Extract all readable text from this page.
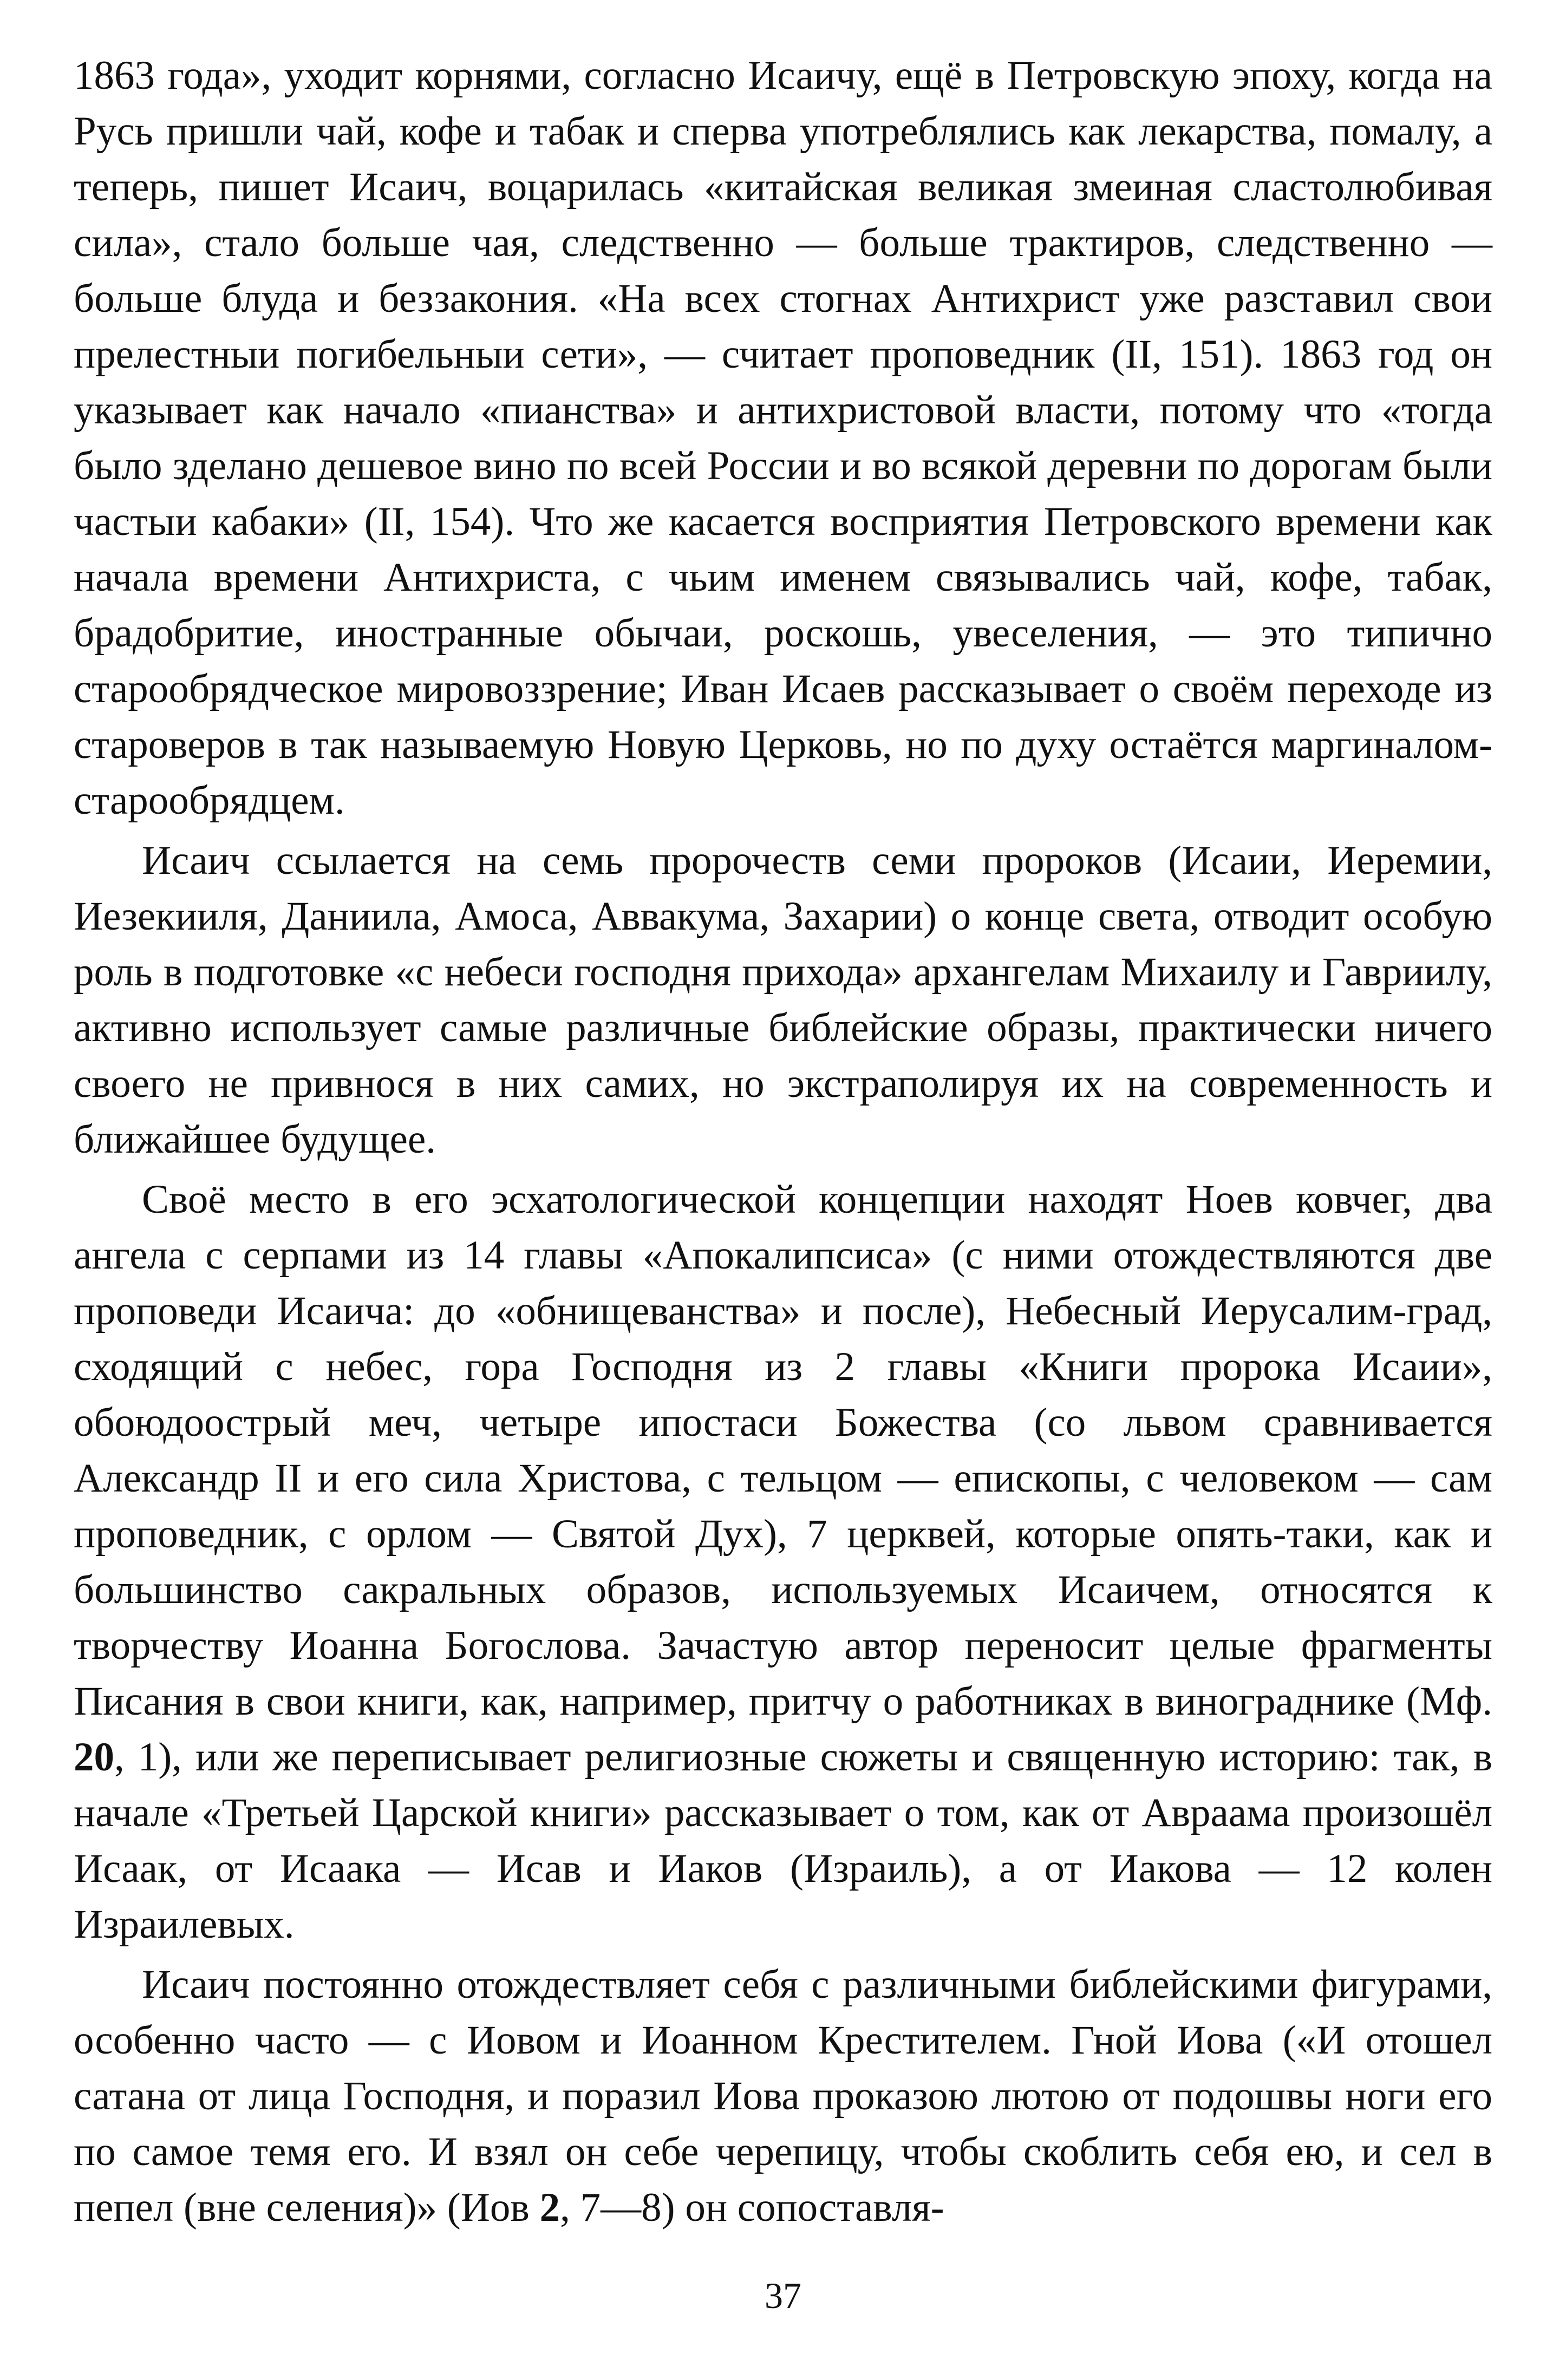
1863 года», уходит корнями, согласно Исаичу, ещё в Петровскую эпоху, когда на Русь пришли чай, кофе и табак и сперва употреблялись как лекарства, помалу, а теперь, пишет Исаич, воцарилась «китайская великая змеиная сластолюбивая сила», стало больше чая, следственно — больше трактиров, следственно — больше блуда и беззакония. «На всех стогнах Антихрист уже разставил свои прелестныи погибельныи сети», — считает проповедник (II, 151). 1863 год он указывает как начало «пианства» и антихристовой власти, потому что «тогда было зделано дешевое вино по всей России и во всякой деревни по дорогам были частыи кабаки» (II, 154). Что же касается восприятия Петровского времени как начала времени Антихриста, с чьим именем связывались чай, кофе, табак, брадобритие, иностранные обычаи, роскошь, увеселения, — это типично старообрядческое мировоззрение; Иван Исаев рассказывает о своём переходе из староверов в так называемую Новую Церковь, но по духу остаётся маргиналом-старообрядцем.

Исаич ссылается на семь пророчеств семи пророков (Исаии, Иеремии, Иезекииля, Даниила, Амоса, Аввакума, Захарии) о конце света, отводит особую роль в подготовке «с небеси господня прихода» архангелам Михаилу и Гавриилу, активно использует самые различные библейские образы, практически ничего своего не привнося в них самих, но экстраполируя их на современность и ближайшее будущее.

Своё место в его эсхатологической концепции находят Ноев ковчег, два ангела с серпами из 14 главы «Апокалипсиса» (с ними отождествляются две проповеди Исаича: до «обнищеванства» и после), Небесный Иерусалим-град, сходящий с небес, гора Господня из 2 главы «Книги пророка Исаии», обоюдоострый меч, четыре ипостаси Божества (со львом сравнивается Александр II и его сила Христова, с тельцом — епископы, с человеком — сам проповедник, с орлом — Святой Дух), 7 церквей, которые опять-таки, как и большинство сакральных образов, используемых Исаичем, относятся к творчеству Иоанна Богослова. Зачастую автор переносит целые фрагменты Писания в свои книги, как, например, притчу о работниках в винограднике (Мф. 20, 1), или же переписывает религиозные сюжеты и священную историю: так, в начале «Третьей Царской книги» рассказывает о том, как от Авраама произошёл Исаак, от Исаака — Исав и Иаков (Израиль), а от Иакова — 12 колен Израилевых.

Исаич постоянно отождествляет себя с различными библейскими фигурами, особенно часто — с Иовом и Иоанном Крестителем. Гной Иова («И отошел сатана от лица Господня, и поразил Иова проказою лютою от подошвы ноги его по самое темя его. И взял он себе черепицу, чтобы скоблить себя ею, и сел в пепел (вне селения)» (Иов 2, 7—8) он сопоставля-

37
